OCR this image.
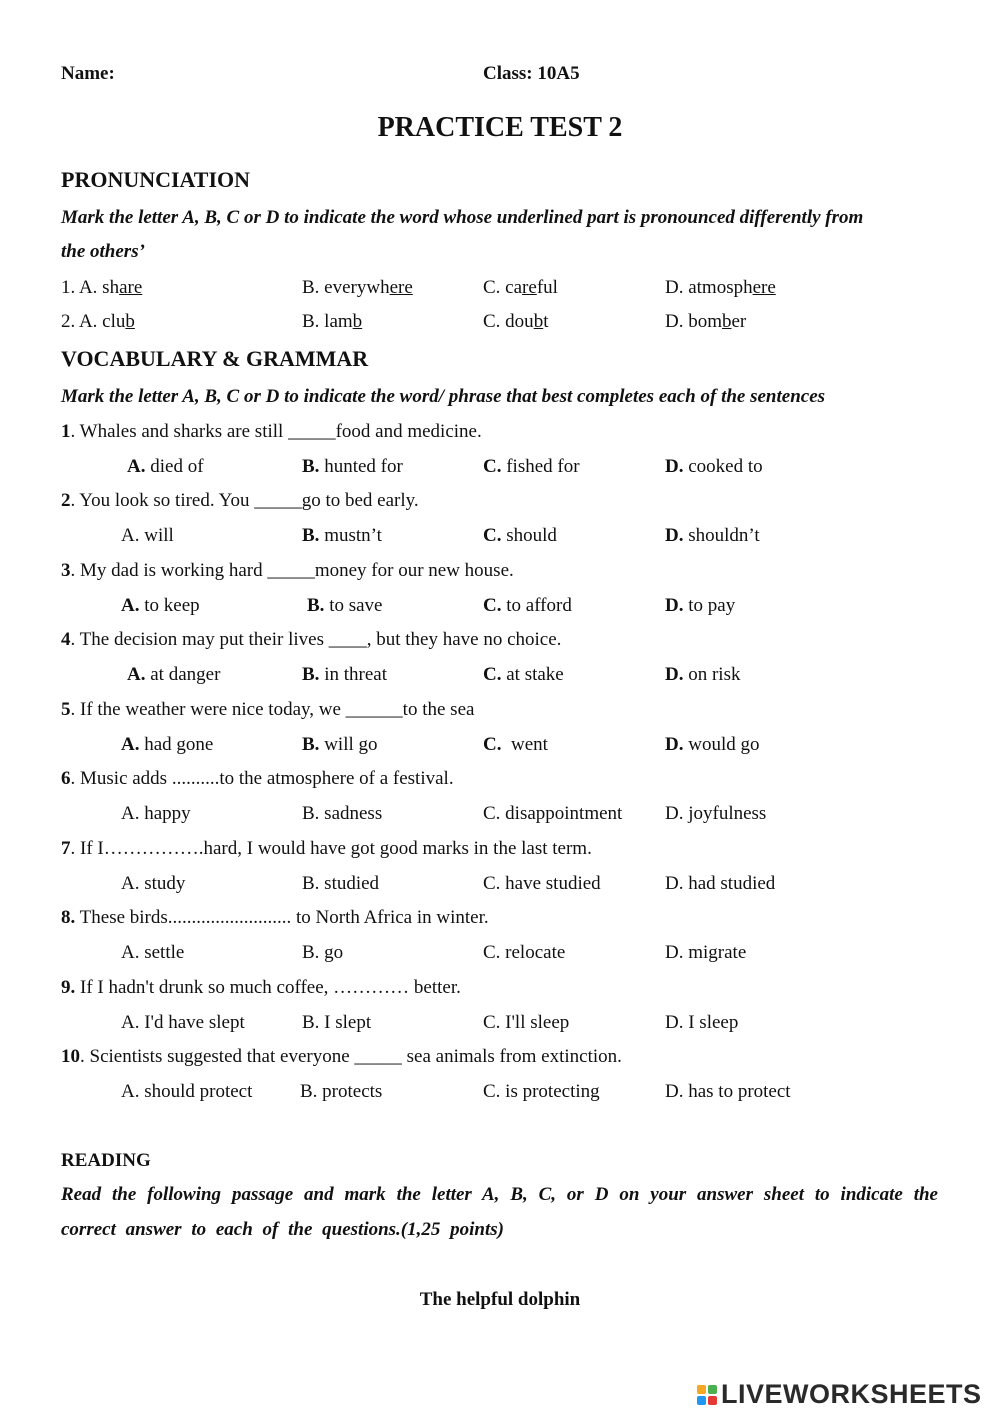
Name:	Class: 10A5
PRACTICE TEST 2
PRONUNCIATION
Mark the letter A, B, C or D to indicate the word whose underlined part is pronounced differently from
the others’
1. A. share	B. everywhere	C. careful	D. atmosphere
2. A. club	B. lamb	C. doubt	D. bomber
VOCABULARY & GRAMMAR
Mark the letter A, B, C or D to indicate the word/ phrase that best completes each of the sentences
1. Whales and sharks are still _____food and medicine.
A. died of	B. hunted for	C. fished for	D. cooked to
2. You look so tired. You _____go to bed early.
A. will	B. mustn’t	C. should	D. shouldn’t
3. My dad is working hard _____money for our new house.
A. to keep	B. to save	C. to afford	D. to pay
4. The decision may put their lives ____, but they have no choice.
A. at danger	B. in threat	C. at stake	D. on risk
5. If the weather were nice today, we ______to the sea
A. had gone	B. will go	C.  went	D. would go
6. Music adds ..........to the atmosphere of a festival.
A. happy	B. sadness	C. disappointment D. joyfulness
7. If I…………….hard, I would have got good marks in the last term.
A. study	B. studied	C. have studied	D. had studied
8. These birds.......................... to North Africa in winter.
A. settle	B. go	C. relocate	D. migrate
9. If I hadn't drunk so much coffee, ………… better.
A. I'd have slept	B. I slept	C. I'll sleep	D. I sleep
10. Scientists suggested that everyone _____ sea animals from extinction.
A. should protect	B. protects	C. is protecting	D. has to protect
READING
Read the following passage and mark the letter A, B, C, or D on your answer sheet to indicate the
correct answer to each of the questions.(1,25 points)
The helpful dolphin
LIVEWORKSHEETS
